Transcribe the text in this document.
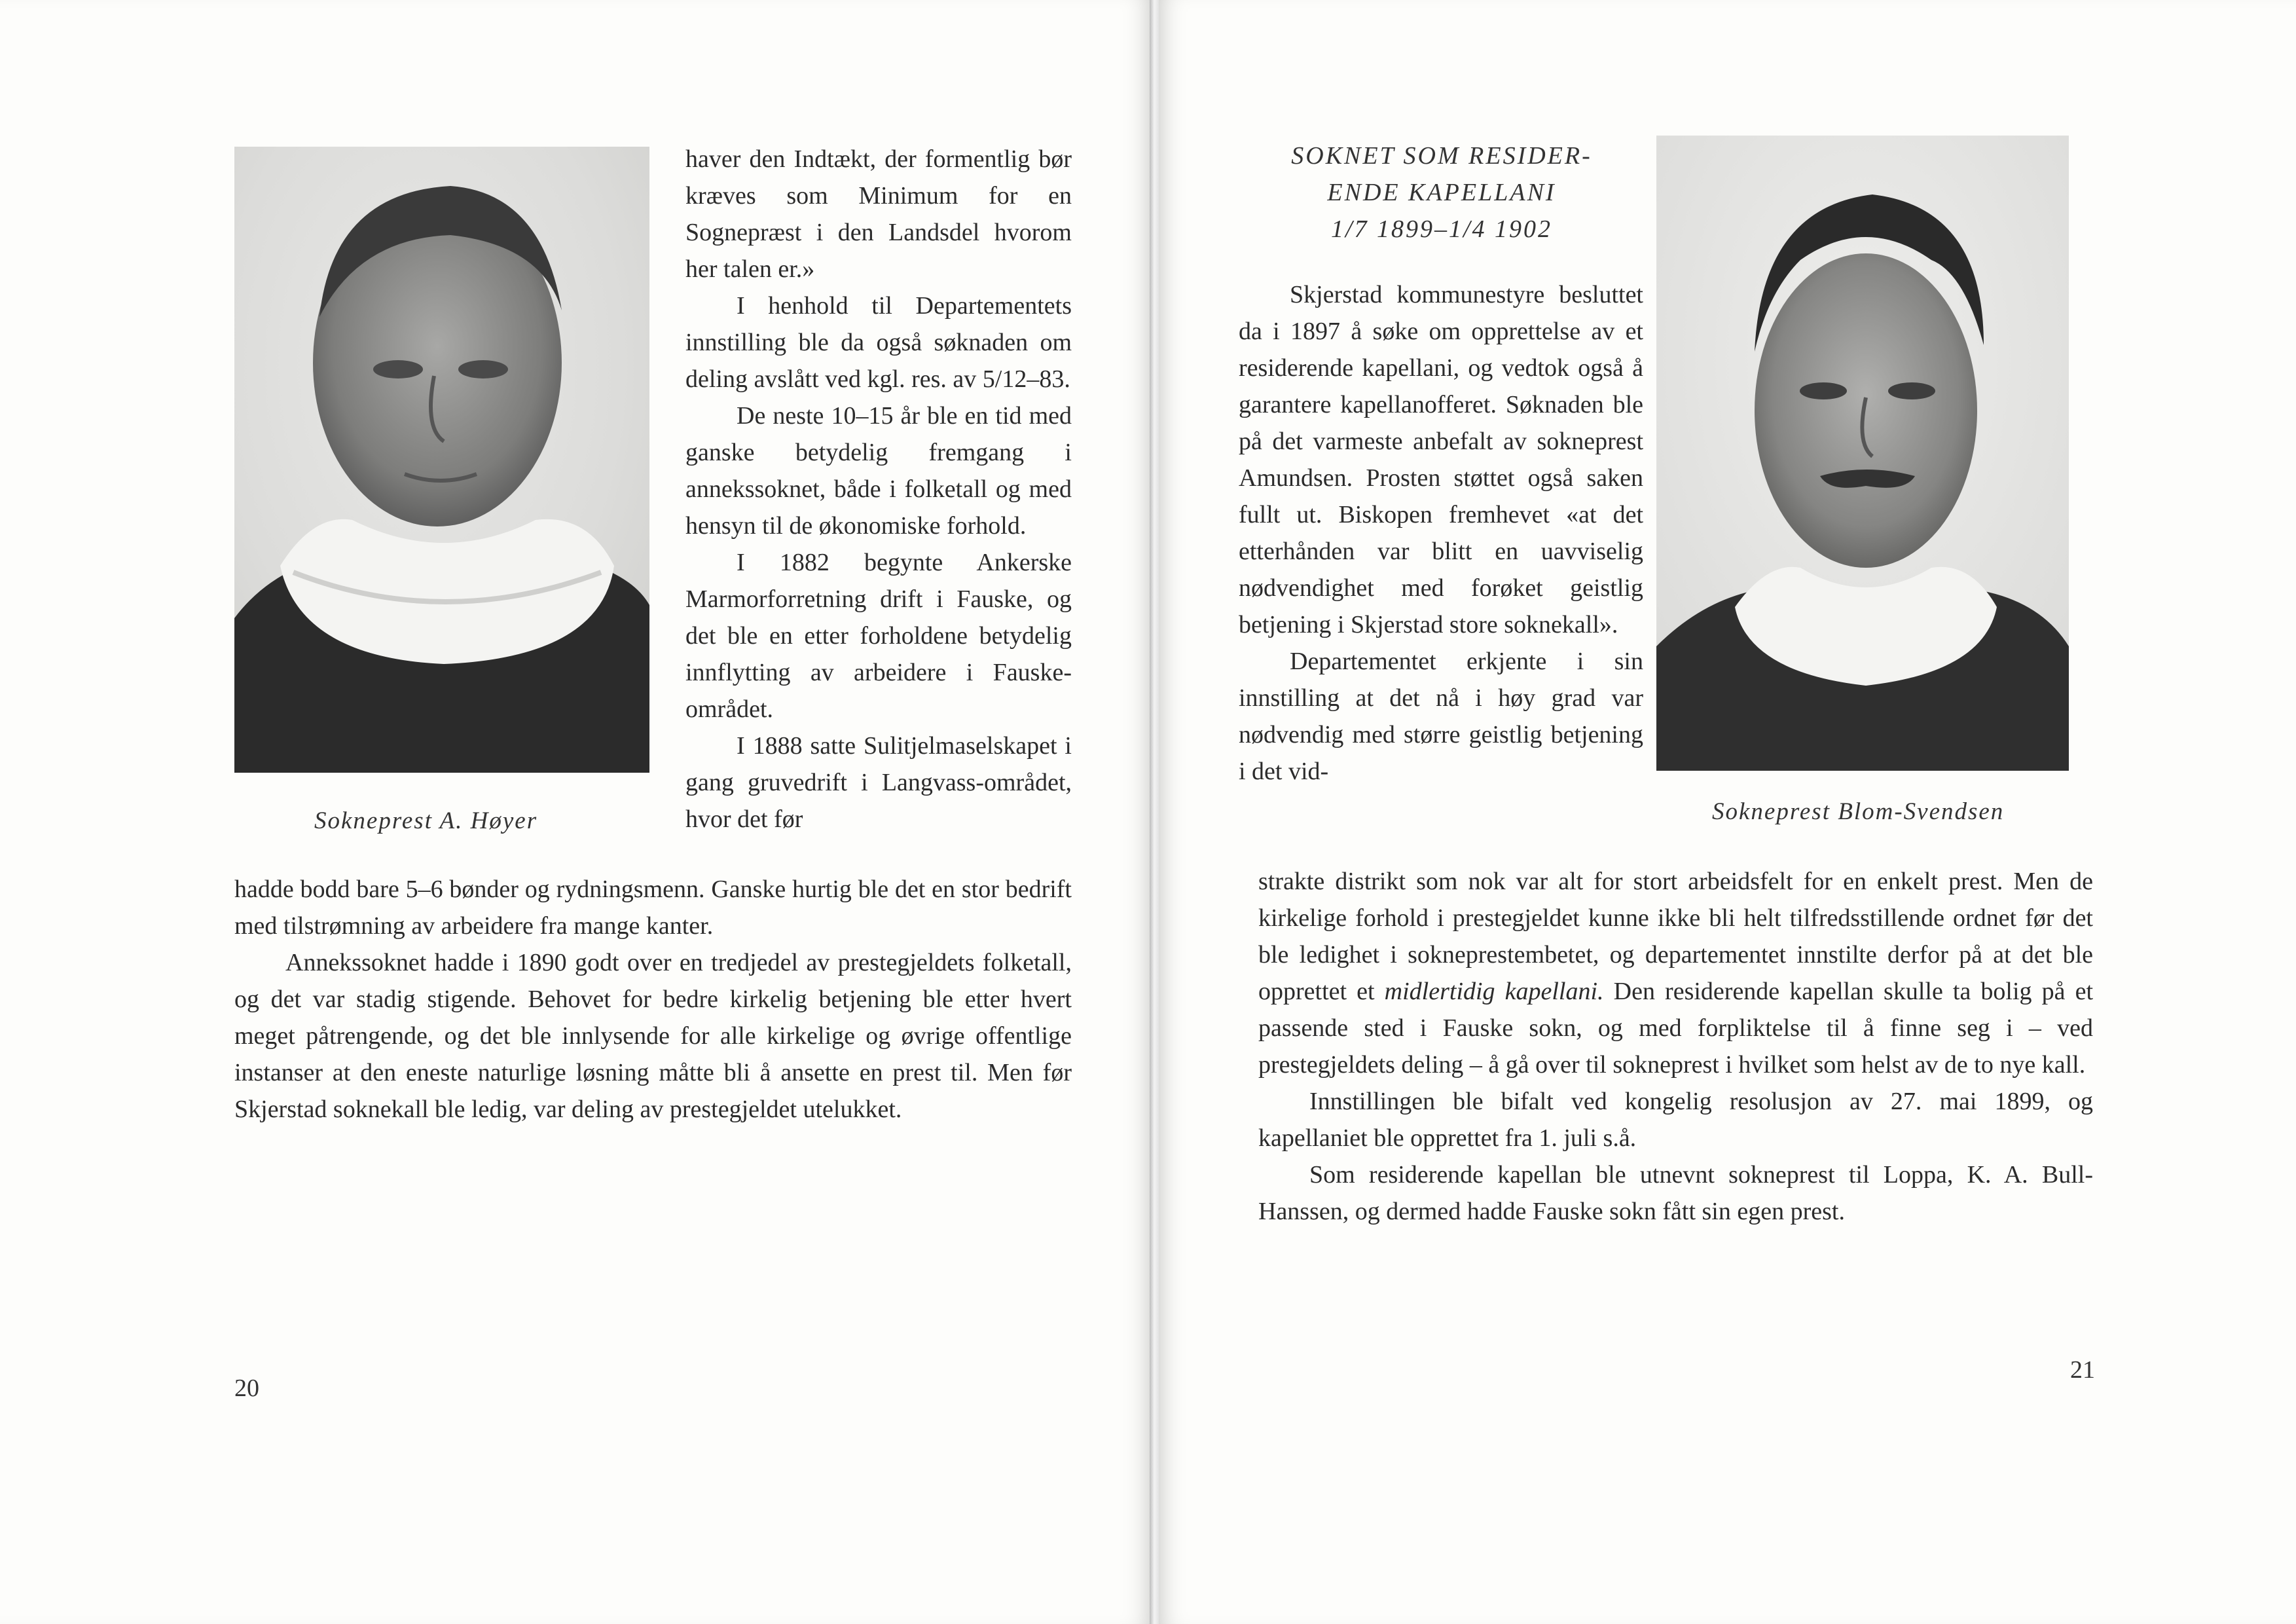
Sokneprest A. Høyer

haver den Indtækt, der formentlig bør kræves som Minimum for en Sognepræst i den Landsdel hvorom her talen er.»

I henhold til Departementets innstilling ble da også søknaden om deling avslått ved kgl. res. av 5/12–83.

De neste 10–15 år ble en tid med ganske betydelig fremgang i annekssoknet, både i folketall og med hensyn til de økonomiske forhold.

I 1882 begynte Ankerske Marmorforretning drift i Fauske, og det ble en etter forholdene betydelig innflytting av arbeidere i Fauske-området.

I 1888 satte Sulitjelmaselskapet i gang gruvedrift i Langvass-området, hvor det før

hadde bodd bare 5–6 bønder og rydningsmenn. Ganske hurtig ble det en stor bedrift med tilstrømning av arbeidere fra mange kanter.

Annekssoknet hadde i 1890 godt over en tredjedel av prestegjeldets folketall, og det var stadig stigende. Behovet for bedre kirkelig betjening ble etter hvert meget påtrengende, og det ble innlysende for alle kirkelige og øvrige offentlige instanser at den eneste naturlige løsning måtte bli å ansette en prest til. Men før Skjerstad soknekall ble ledig, var deling av prestegjeldet utelukket.

20
SOKNET SOM RESIDER-
ENDE KAPELLANI
1/7 1899–1/4 1902

Skjerstad kommunestyre besluttet da i 1897 å søke om opprettelse av et residerende kapellani, og vedtok også å garantere kapellanofferet. Søknaden ble på det varmeste anbefalt av sokneprest Amundsen. Prosten støttet også saken fullt ut. Biskopen fremhevet «at det etterhånden var blitt en uavviselig nødvendighet med forøket geistlig betjening i Skjerstad store soknekall».

Departementet erkjente i sin innstilling at det nå i høy grad var nødvendig med større geistlig betjening i det vid-

Sokneprest Blom-Svendsen

strakte distrikt som nok var alt for stort arbeidsfelt for en enkelt prest. Men de kirkelige forhold i prestegjeldet kunne ikke bli helt tilfredsstillende ordnet før det ble ledighet i sokneprestembetet, og departementet innstilte derfor på at det ble opprettet et midlertidig kapellani. Den residerende kapellan skulle ta bolig på et passende sted i Fauske sokn, og med forpliktelse til å finne seg i – ved prestegjeldets deling – å gå over til sokneprest i hvilket som helst av de to nye kall.

Innstillingen ble bifalt ved kongelig resolusjon av 27. mai 1899, og kapellaniet ble opprettet fra 1. juli s.å.

Som residerende kapellan ble utnevnt sokneprest til Loppa, K. A. Bull-Hanssen, og dermed hadde Fauske sokn fått sin egen prest.

21
